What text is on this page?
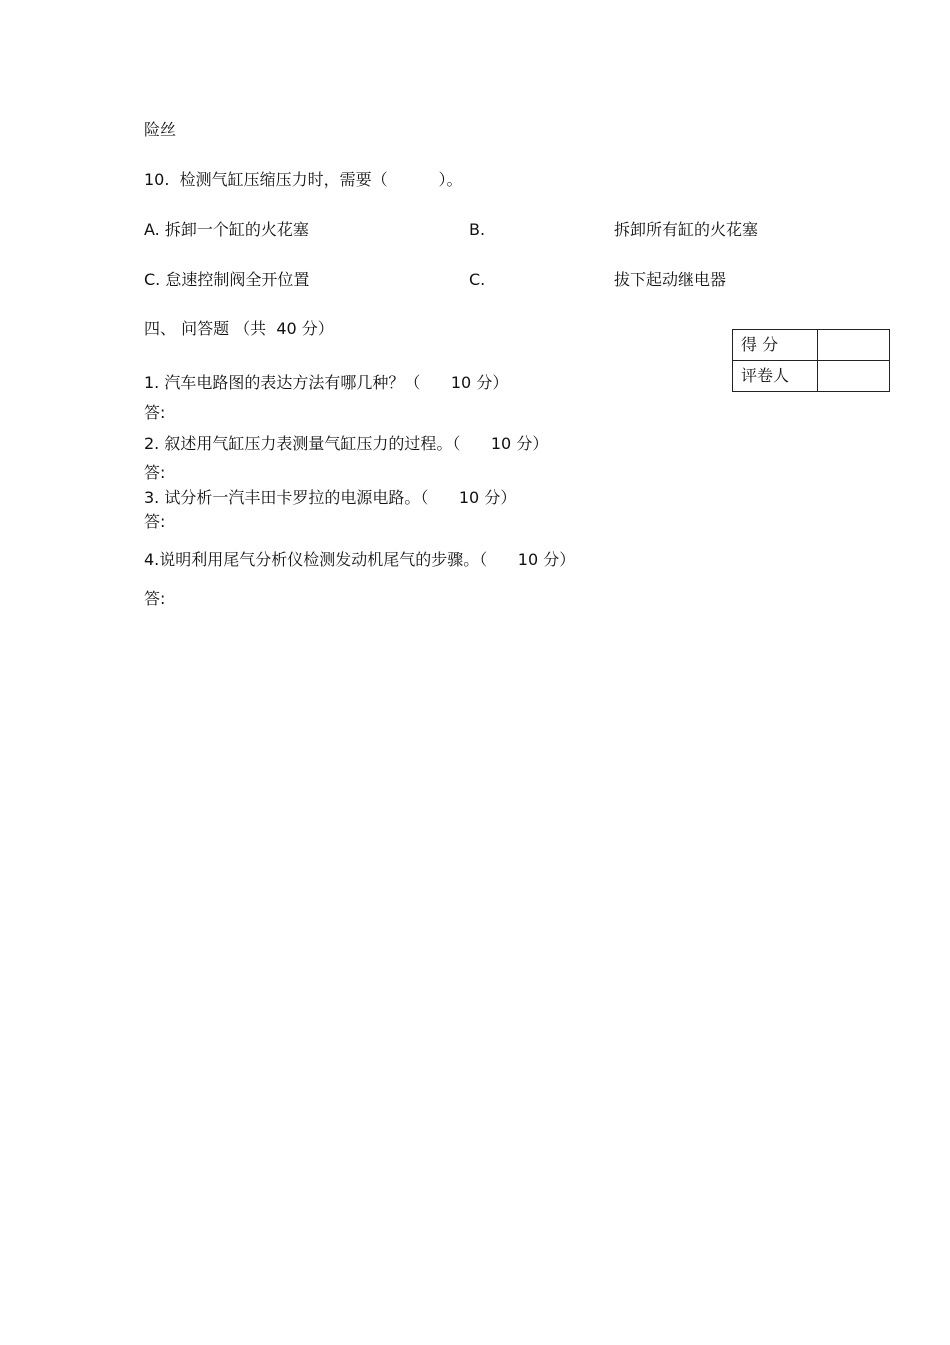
险丝
10.  检测气缸压缩压力时，需要（          ）。
A. 拆卸一个缸的火花塞	B.	拆卸所有缸的火花塞
C. 怠速控制阀全开位置	C.	拔下起动继电器
四、 问答题 （共  40 分）
得 分	
评卷人	
1. 汽车电路图的表达方法有哪几种？（      10 分）
答:
2. 叙述用气缸压力表测量气缸压力的过程。（      10 分）
答:
3. 试分析一汽丰田卡罗拉的电源电路。（      10 分）
答:
4.说明利用尾气分析仪检测发动机尾气的步骤。（      10 分）
答:
